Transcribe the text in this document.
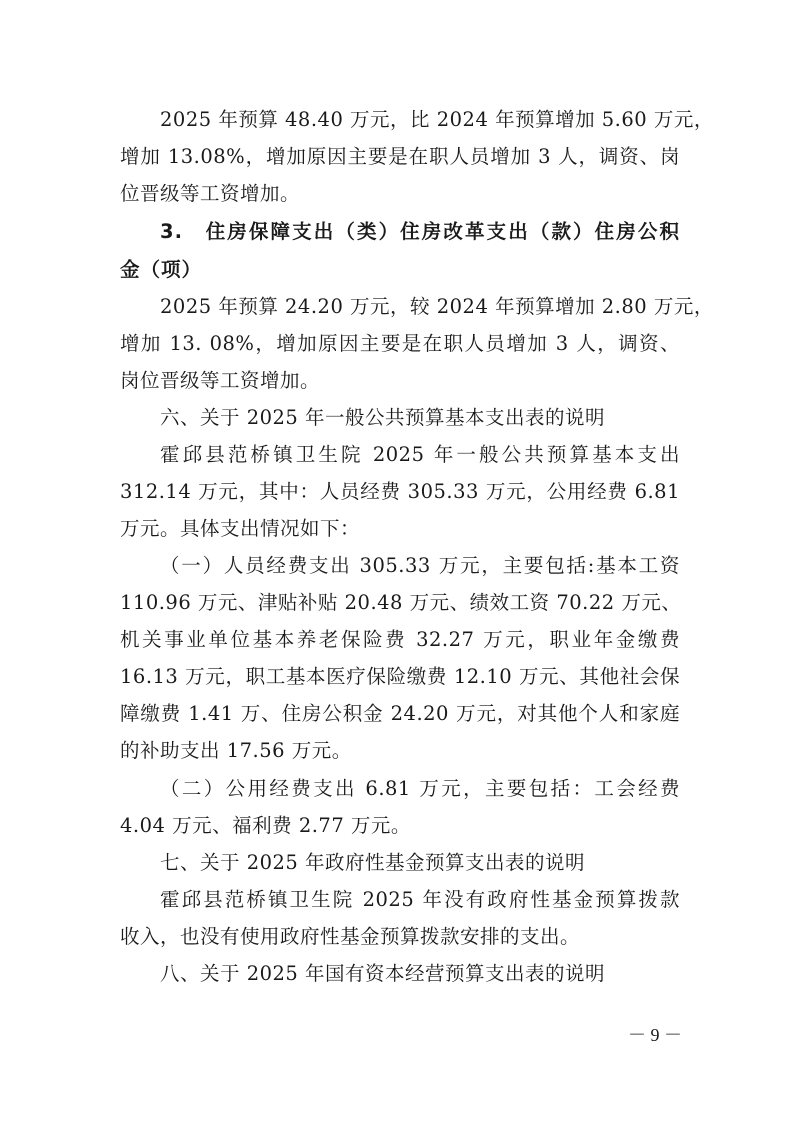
2025 年预算 48.40 万元，比 2024 年预算增加 5.60 万元，
增加 13.08%，增加原因主要是在职人员增加 3 人，调资、岗
位晋级等工资增加。
3.　住房保障支出（类）住房改革支出（款）住房公积
金（项）
2025 年预算 24.20 万元，较 2024 年预算增加 2.80 万元，
增加 13. 08%，增加原因主要是在职人员增加 3 人，调资、
岗位晋级等工资增加。
六、关于 2025 年一般公共预算基本支出表的说明
霍邱县范桥镇卫生院 2025 年一般公共预算基本支出
312.14 万元，其中：人员经费 305.33 万元，公用经费 6.81
万元。具体支出情况如下：
（一）人员经费支出 305.33 万元，主要包括:基本工资
110.96 万元、津贴补贴 20.48 万元、绩效工资 70.22 万元、
机关事业单位基本养老保险费 32.27 万元，职业年金缴费
16.13 万元，职工基本医疗保险缴费 12.10 万元、其他社会保
障缴费 1.41 万、住房公积金 24.20 万元，对其他个人和家庭
的补助支出 17.56 万元。
（二）公用经费支出 6.81 万元，主要包括：工会经费
4.04 万元、福利费 2.77 万元。
七、关于 2025 年政府性基金预算支出表的说明
霍邱县范桥镇卫生院 2025 年没有政府性基金预算拨款
收入，也没有使用政府性基金预算拨款安排的支出。
八、关于 2025 年国有资本经营预算支出表的说明
－ 9 －
